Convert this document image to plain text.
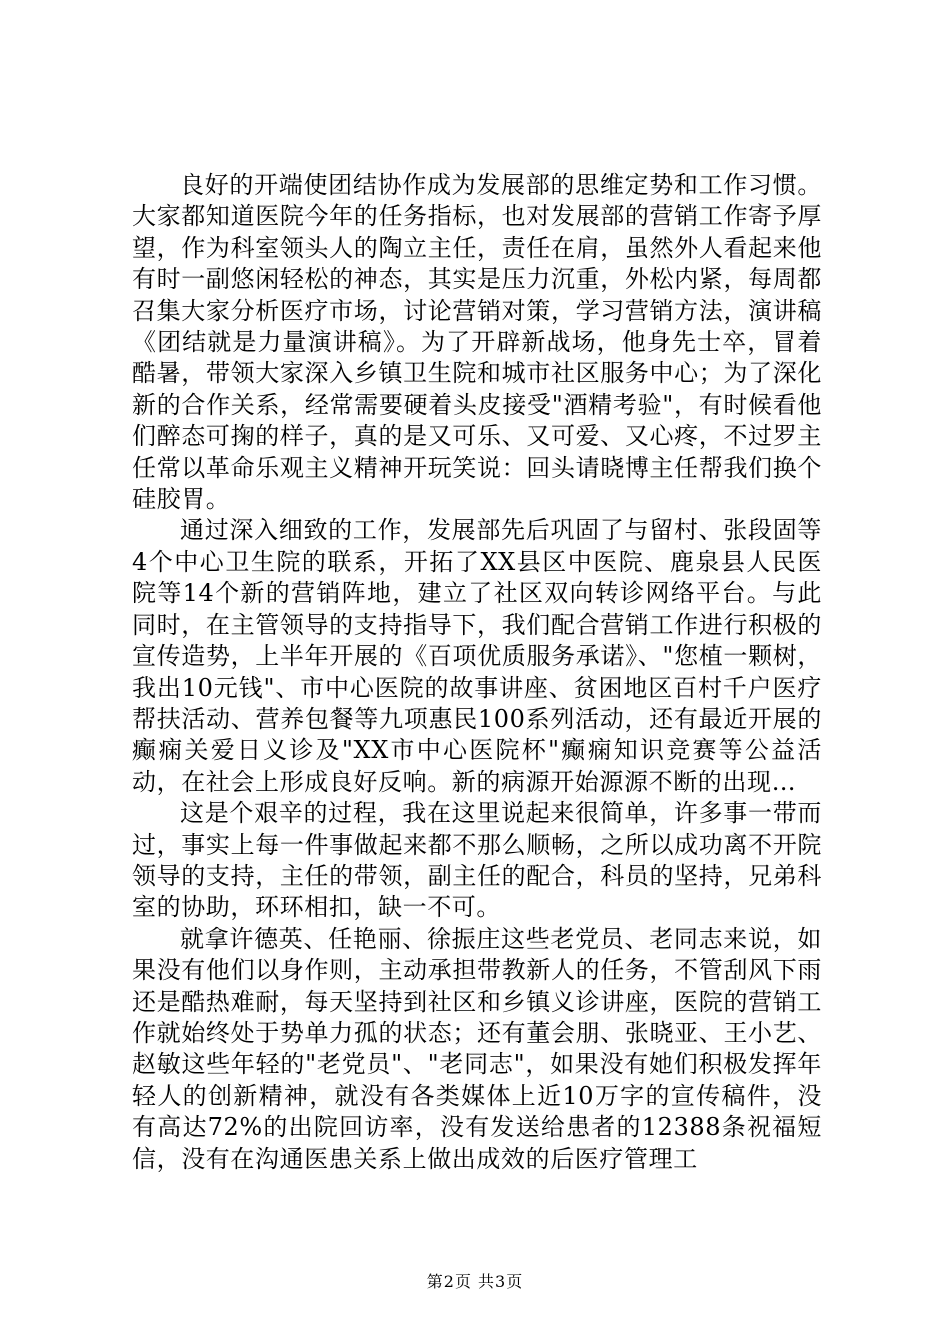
良好的开端使团结协作成为发展部的思维定势和工作习惯。大家都知道医院今年的任务指标，也对发展部的营销工作寄予厚望，作为科室领头人的陶立主任，责任在肩，虽然外人看起来他有时一副悠闲轻松的神态，其实是压力沉重，外松内紧，每周都召集大家分析医疗市场，讨论营销对策，学习营销方法，演讲稿《团结就是力量演讲稿》。为了开辟新战场，他身先士卒，冒着酷暑，带领大家深入乡镇卫生院和城市社区服务中心；为了深化新的合作关系，经常需要硬着头皮接受"酒精考验"，有时候看他们醉态可掬的样子，真的是又可乐、又可爱、又心疼，不过罗主任常以革命乐观主义精神开玩笑说：回头请晓博主任帮我们换个硅胶胃。

通过深入细致的工作，发展部先后巩固了与留村、张段固等4个中心卫生院的联系，开拓了XX县区中医院、鹿泉县人民医院等14个新的营销阵地，建立了社区双向转诊网络平台。与此同时，在主管领导的支持指导下，我们配合营销工作进行积极的宣传造势，上半年开展的《百项优质服务承诺》、"您植一颗树，我出10元钱"、市中心医院的故事讲座、贫困地区百村千户医疗帮扶活动、营养包餐等九项惠民100系列活动，还有最近开展的癫痫关爱日义诊及"XX市中心医院杯"癫痫知识竞赛等公益活动，在社会上形成良好反响。新的病源开始源源不断的出现…

这是个艰辛的过程，我在这里说起来很简单，许多事一带而过，事实上每一件事做起来都不那么顺畅，之所以成功离不开院领导的支持，主任的带领，副主任的配合，科员的坚持，兄弟科室的协助，环环相扣，缺一不可。

就拿许德英、任艳丽、徐振庄这些老党员、老同志来说，如果没有他们以身作则，主动承担带教新人的任务，不管刮风下雨还是酷热难耐，每天坚持到社区和乡镇义诊讲座，医院的营销工作就始终处于势单力孤的状态；还有董会朋、张晓亚、王小艺、赵敏这些年轻的"老党员"、"老同志"，如果没有她们积极发挥年轻人的创新精神，就没有各类媒体上近10万字的宣传稿件，没有高达72%的出院回访率，没有发送给患者的12388条祝福短信，没有在沟通医患关系上做出成效的后医疗管理工

第2页 共3页
